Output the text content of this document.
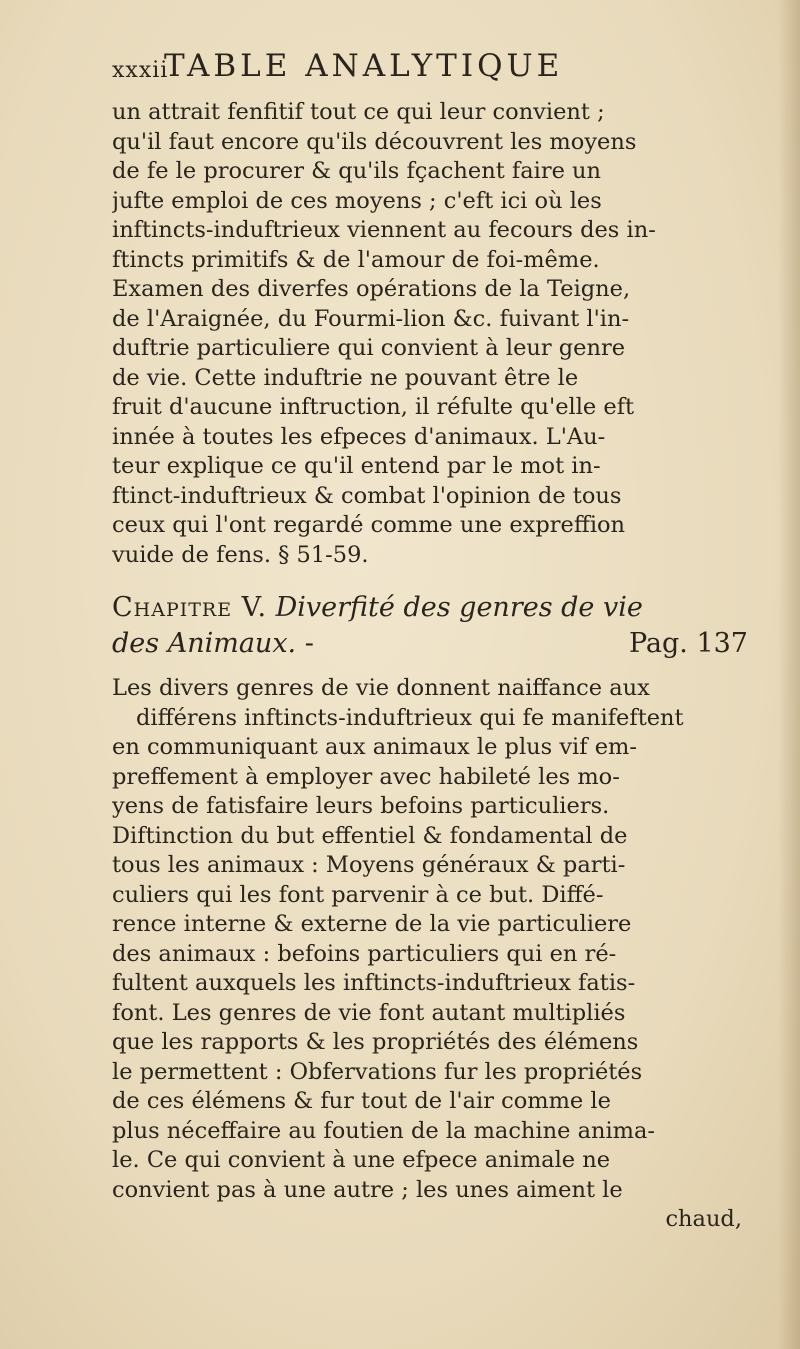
xxxii
TABLE ANALYTIQUE
un attrait fenfitif tout ce qui leur convient ;
qu'il faut encore qu'ils découvrent les moyens
de fe le procurer & qu'ils fçachent faire un
jufte emploi de ces moyens ; c'eft ici où les
inftincts-induftrieux viennent au fecours des in-
ftincts primitifs & de l'amour de foi-même.
Examen des diverfes opérations de la Teigne,
de l'Araignée, du Fourmi-lion &c. fuivant l'in-
duftrie particuliere qui convient à leur genre
de vie. Cette induftrie ne pouvant être le
fruit d'aucune inftruction, il réfulte qu'elle eft
innée à toutes les efpeces d'animaux. L'Au-
teur explique ce qu'il entend par le mot in-
ftinct-induftrieux & combat l'opinion de tous
ceux qui l'ont regardé comme une expreffion
vuide de fens. § 51-59.
Chapitre V. Diverfité des genres de vie
des Animaux. -	Pag. 137
Les divers genres de vie donnent naiffance aux
différens inftincts-induftrieux qui fe manifeftent
en communiquant aux animaux le plus vif em-
preffement à employer avec habileté les mo-
yens de fatisfaire leurs befoins particuliers.
Diftinction du but effentiel & fondamental de
tous les animaux : Moyens généraux & parti-
culiers qui les font parvenir à ce but. Diffé-
rence interne & externe de la vie particuliere
des animaux : befoins particuliers qui en ré-
fultent auxquels les inftincts-induftrieux fatis-
font. Les genres de vie font autant multipliés
que les rapports & les propriétés des élémens
le permettent : Obfervations fur les propriétés
de ces élémens & fur tout de l'air comme le
plus néceffaire au foutien de la machine anima-
le. Ce qui convient à une efpece animale ne
convient pas à une autre ; les unes aiment le
chaud,
